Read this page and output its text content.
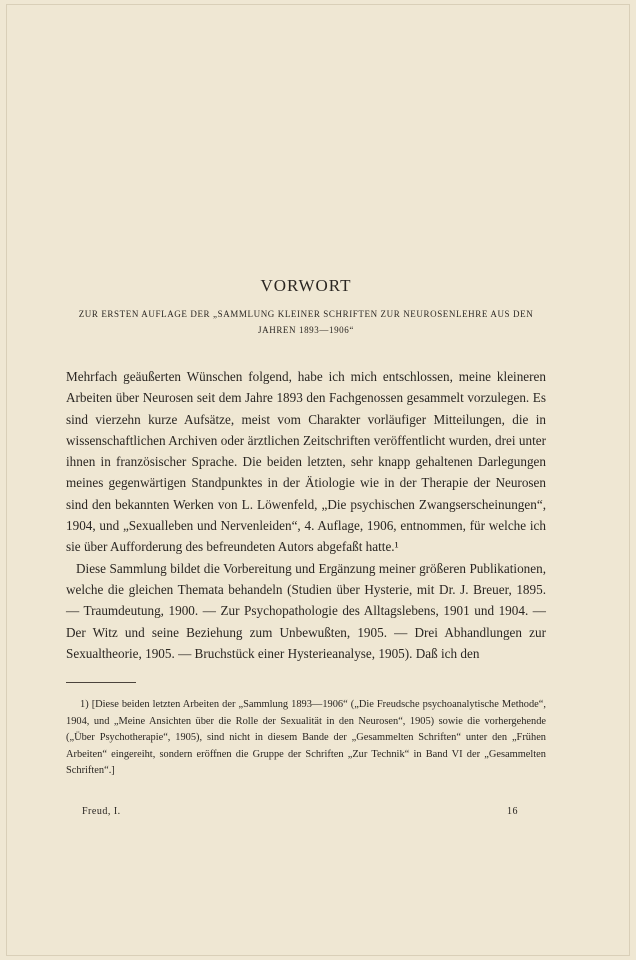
VORWORT
ZUR ERSTEN AUFLAGE DER „SAMMLUNG KLEINER SCHRIFTEN ZUR NEUROSENLEHRE AUS DEN JAHREN 1893—1906“

Mehrfach geäußerten Wünschen folgend, habe ich mich entschlossen, meine kleineren Arbeiten über Neurosen seit dem Jahre 1893 den Fachgenossen gesammelt vorzulegen. Es sind vierzehn kurze Aufsätze, meist vom Charakter vorläufiger Mitteilungen, die in wissenschaftlichen Archiven oder ärztlichen Zeitschriften veröffentlicht wurden, drei unter ihnen in französischer Sprache. Die beiden letzten, sehr knapp gehaltenen Darlegungen meines gegenwärtigen Standpunktes in der Ätiologie wie in der Therapie der Neurosen sind den bekannten Werken von L. Löwenfeld, „Die psychischen Zwangserscheinungen“, 1904, und „Sexualleben und Nervenleiden“, 4. Auflage, 1906, entnommen, für welche ich sie über Aufforderung des befreundeten Autors abgefaßt hatte.¹

Diese Sammlung bildet die Vorbereitung und Ergänzung meiner größeren Publikationen, welche die gleichen Themata behandeln (Studien über Hysterie, mit Dr. J. Breuer, 1895. — Traumdeutung, 1900. — Zur Psychopathologie des Alltagslebens, 1901 und 1904. — Der Witz und seine Beziehung zum Unbewußten, 1905. — Drei Abhandlungen zur Sexualtheorie, 1905. — Bruchstück einer Hysterieanalyse, 1905). Daß ich den

1) [Diese beiden letzten Arbeiten der „Sammlung 1893—1906“ („Die Freudsche psychoanalytische Methode“, 1904, und „Meine Ansichten über die Rolle der Sexualität in den Neurosen“, 1905) sowie die vorhergehende („Über Psychotherapie“, 1905), sind nicht in diesem Bande der „Gesammelten Schriften“ unter den „Frühen Arbeiten“ eingereiht, sondern eröffnen die Gruppe der Schriften „Zur Technik“ in Band VI der „Gesammelten Schriften“.]

Freud, I.	16
